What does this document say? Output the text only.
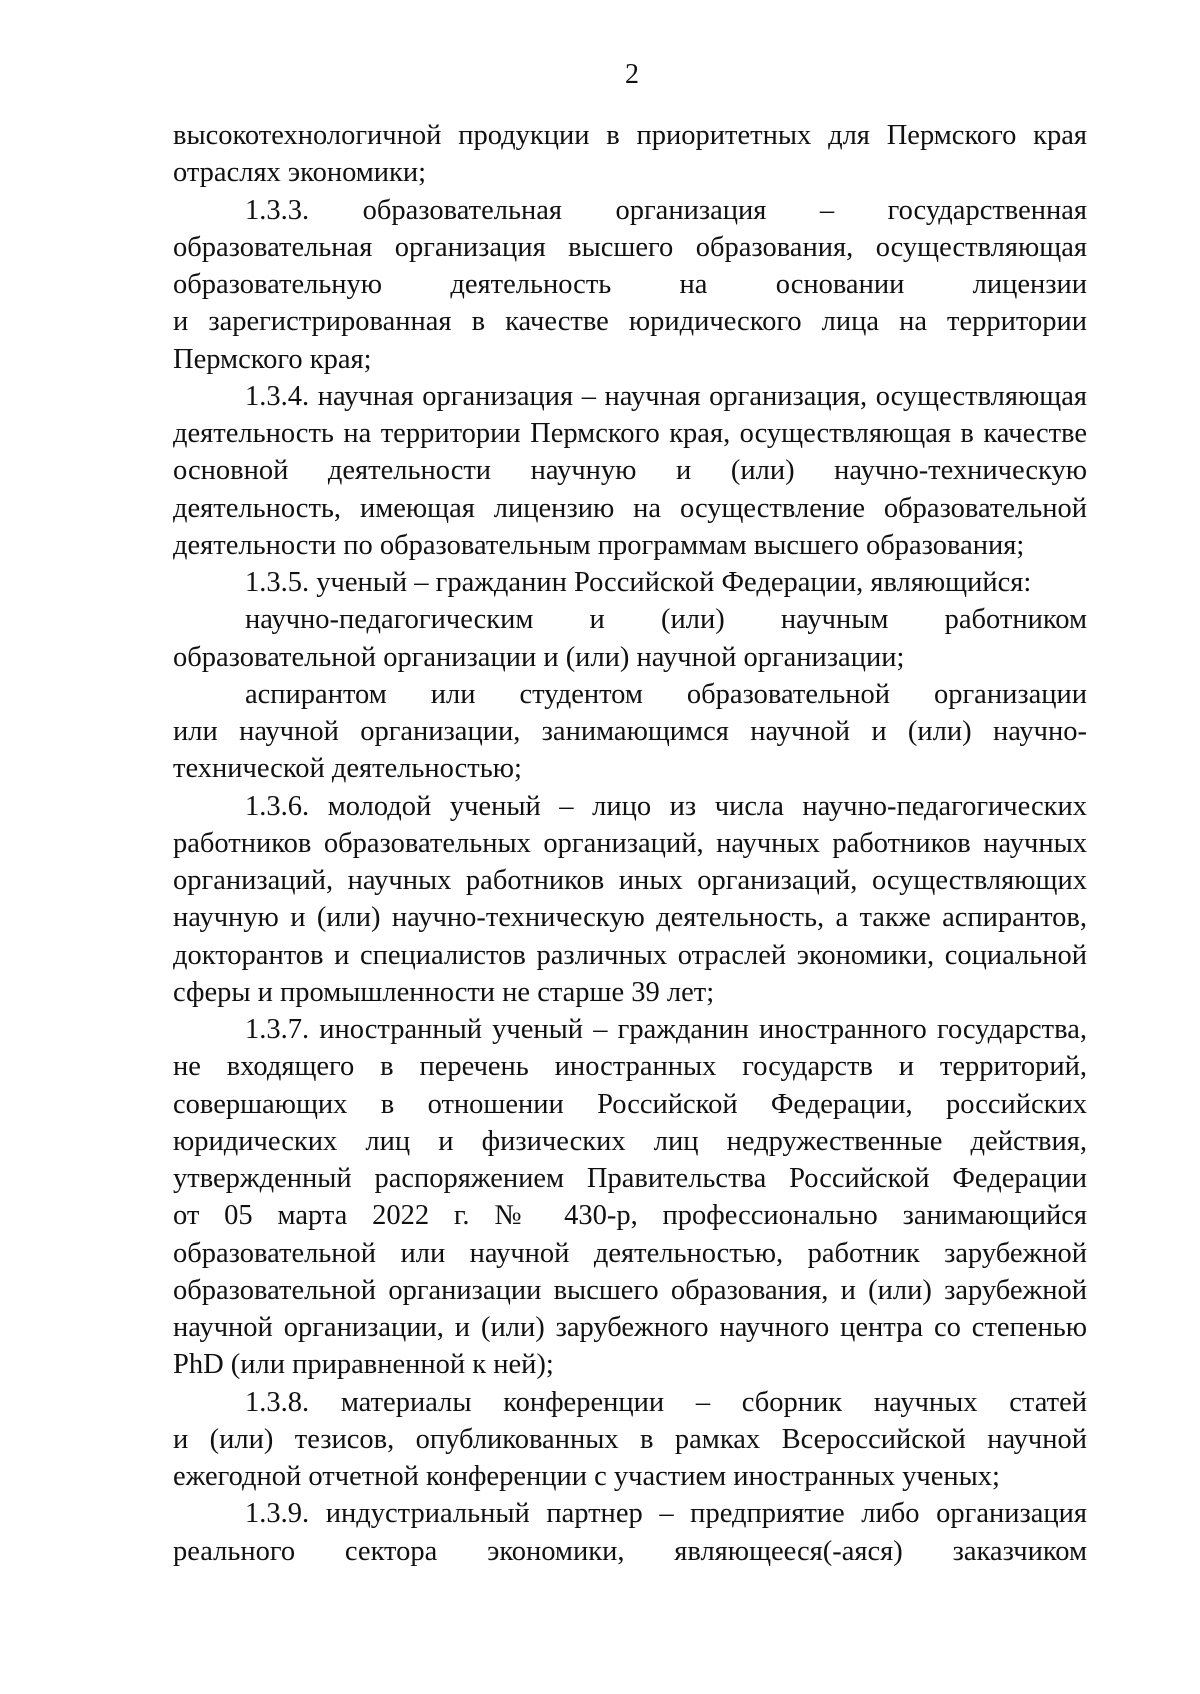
2
высокотехнологичной продукции в приоритетных для Пермского края
отраслях экономики;
1.3.3. образовательная организация – государственная
образовательная организация высшего образования, осуществляющая
образовательную деятельность на основании лицензии
и зарегистрированная в качестве юридического лица на территории
Пермского края;
1.3.4. научная организация – научная организация, осуществляющая
деятельность на территории Пермского края, осуществляющая в качестве
основной деятельности научную и (или) научно-техническую
деятельность, имеющая лицензию на осуществление образовательной
деятельности по образовательным программам высшего образования;
1.3.5. ученый – гражданин Российской Федерации, являющийся:
научно-педагогическим и (или) научным работником
образовательной организации и (или) научной организации;
аспирантом или студентом образовательной организации
или научной организации, занимающимся научной и (или) научно-
технической деятельностью;
1.3.6. молодой ученый – лицо из числа научно-педагогических
работников образовательных организаций, научных работников научных
организаций, научных работников иных организаций, осуществляющих
научную и (или) научно-техническую деятельность, а также аспирантов,
докторантов и специалистов различных отраслей экономики, социальной
сферы и промышленности не старше 39 лет;
1.3.7. иностранный ученый – гражданин иностранного государства,
не входящего в перечень иностранных государств и территорий,
совершающих в отношении Российской Федерации, российских
юридических лиц и физических лиц недружественные действия,
утвержденный распоряжением Правительства Российской Федерации
от 05 марта 2022 г. № 430-р, профессионально занимающийся
образовательной или научной деятельностью, работник зарубежной
образовательной организации высшего образования, и (или) зарубежной
научной организации, и (или) зарубежного научного центра со степенью
PhD (или приравненной к ней);
1.3.8. материалы конференции – сборник научных статей
и (или) тезисов, опубликованных в рамках Всероссийской научной
ежегодной отчетной конференции с участием иностранных ученых;
1.3.9. индустриальный партнер – предприятие либо организация
реального сектора экономики, являющееся(-аяся) заказчиком
